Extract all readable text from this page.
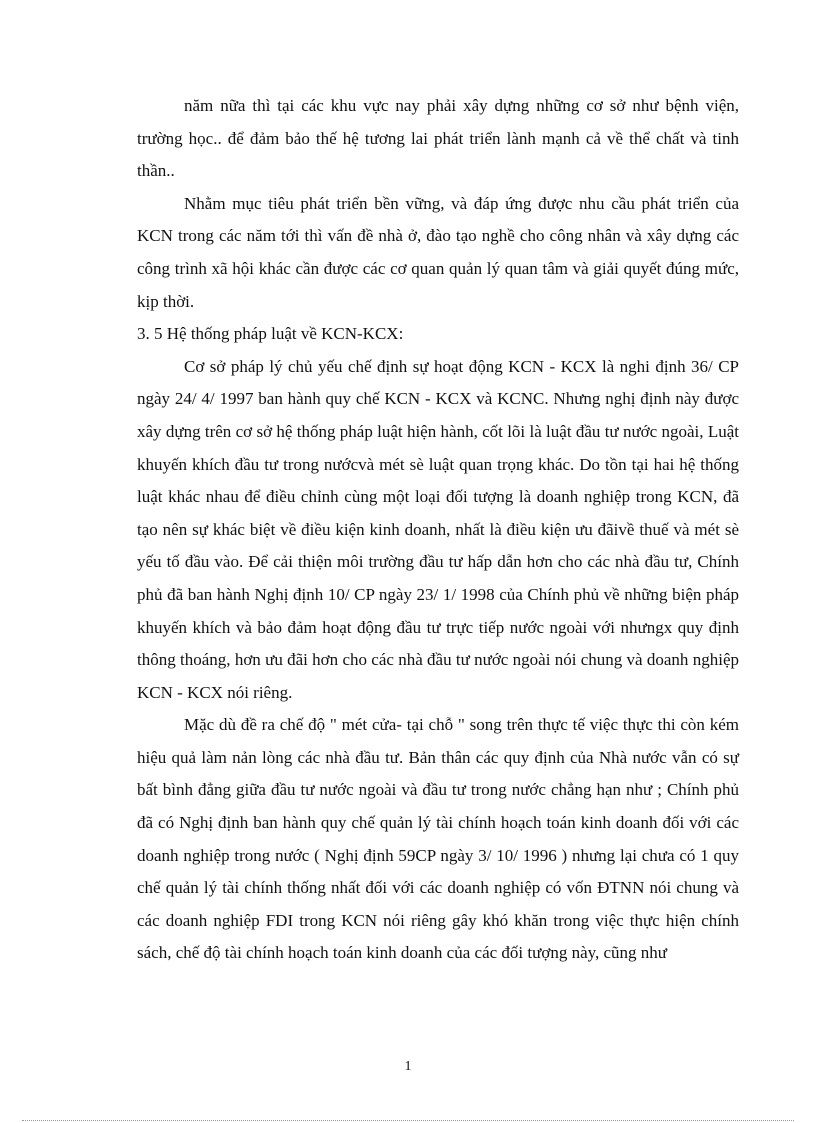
năm nữa thì tại các khu vực nay phải xây dựng những cơ sở như bệnh viện, trường học.. để đảm bảo thế hệ tương lai phát triển lành mạnh cả về thể chất và tinh thần..

Nhằm mục tiêu phát triển bền vững, và đáp ứng được nhu cầu phát triển của KCN trong các năm tới thì vấn đề nhà ở, đào tạo nghề cho công nhân và xây dựng các công trình xã hội khác cần được các cơ quan quản lý quan tâm và giải quyết đúng mức, kịp thời.

3. 5 Hệ thống pháp luật về KCN-KCX:

Cơ sở pháp lý chủ yếu chế định sự hoạt động KCN - KCX là nghi định 36/ CP ngày 24/ 4/ 1997 ban hành quy chế KCN - KCX và KCNC. Nhưng nghị định này được xây dựng trên cơ sở hệ thống pháp luật hiện hành, cốt lõi là luật đầu tư nước ngoài, Luật khuyến khích đầu tư trong nướcvà mét sè luật quan trọng khác. Do tồn tại hai hệ thống luật khác nhau để điều chỉnh cùng một loại đối tượng là doanh nghiệp trong KCN, đã tạo nên sự khác biệt về điều kiện kinh doanh, nhất là điều kiện ưu đãivề thuế và mét sè yếu tố đầu vào. Để cải thiện môi trường đầu tư hấp dẫn hơn cho các nhà đầu tư, Chính phủ đã ban hành Nghị định 10/ CP ngày 23/ 1/ 1998 của Chính phủ về những biện pháp khuyến khích và bảo đảm hoạt động đầu tư trực tiếp nước ngoài với nhưngx quy định thông thoáng, hơn ưu đãi hơn cho các nhà đầu tư nước ngoài nói chung và doanh nghiệp KCN - KCX nói riêng.

Mặc dù đề ra chế độ " mét cửa- tại chỗ " song trên thực tế việc thực thi còn kém hiệu quả làm nản lòng các nhà đầu tư. Bản thân các quy định của Nhà nước vẫn có sự bất bình đẳng giữa đầu tư nước ngoài và đầu tư trong nước chẳng hạn như ; Chính phủ đã có Nghị định ban hành quy chế quản lý tài chính hoạch toán kinh doanh đối với các doanh nghiệp trong nước ( Nghị định 59CP ngày 3/ 10/ 1996 ) nhưng lại chưa có 1 quy chế quản lý tài chính thống nhất đối với các doanh nghiệp có vốn ĐTNN nói chung và các doanh nghiệp FDI trong KCN nói riêng gây khó khăn trong việc thực hiện chính sách, chế độ tài chính hoạch toán kinh doanh của các đối tượng này, cũng như

1
